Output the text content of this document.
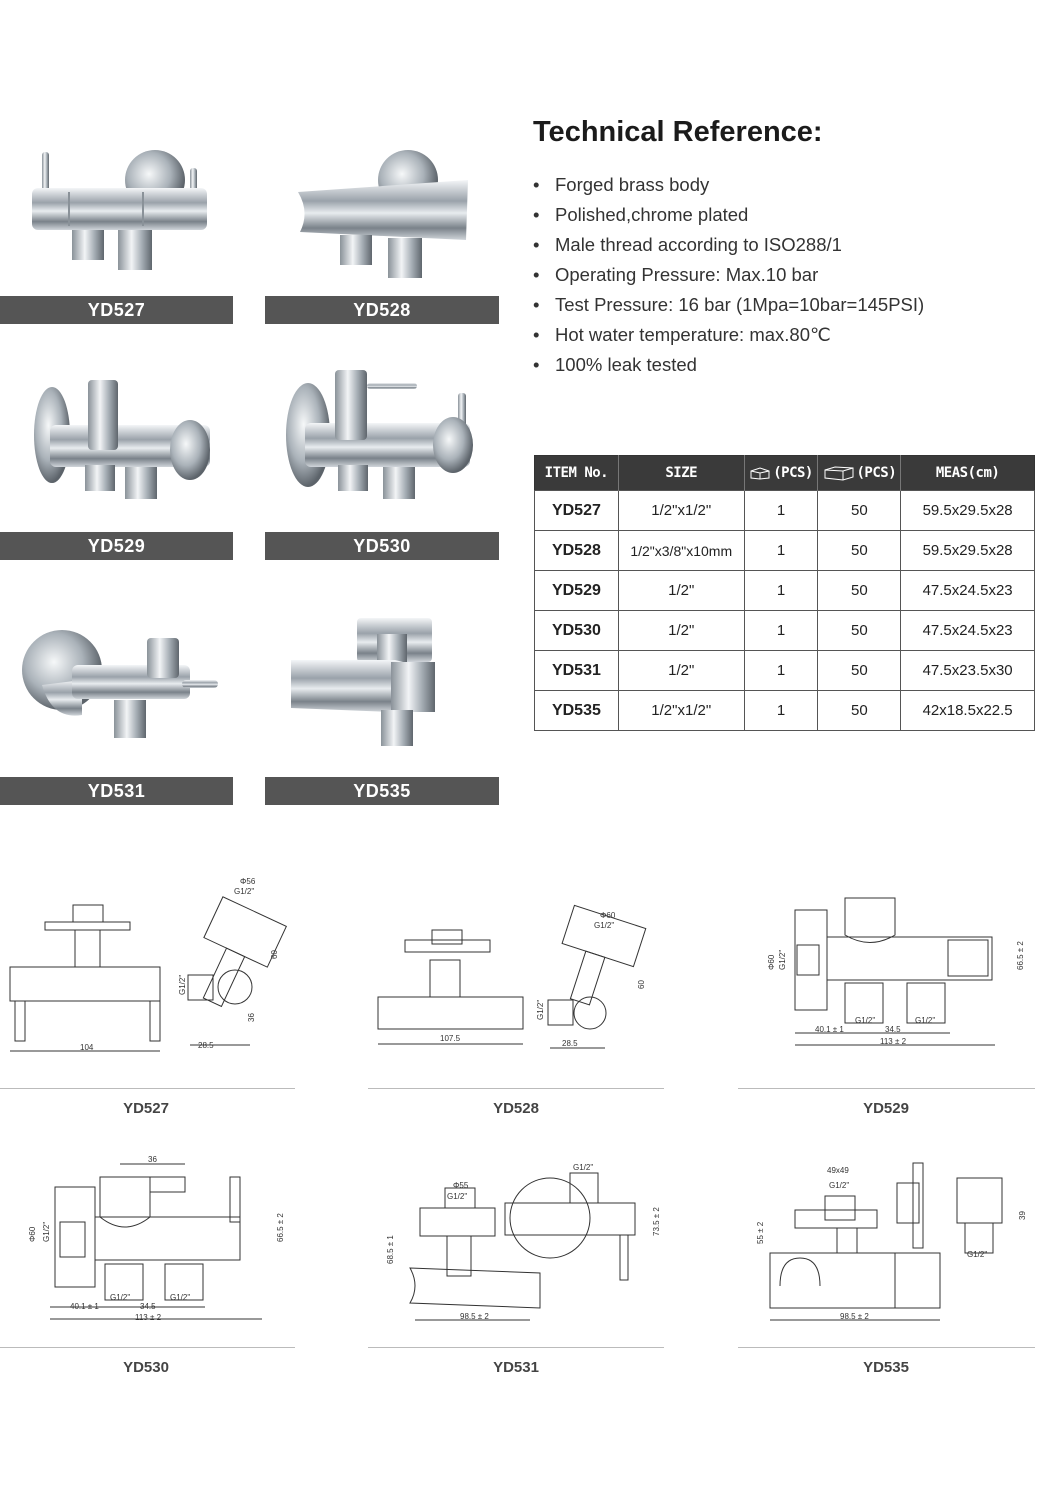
YD527	YD528
YD529	YD530
YD531	YD535
Technical Reference:
• Forged brass body
• Polished,chrome plated
• Male thread according to ISO288/1
• Operating Pressure: Max.10 bar
• Test Pressure: 16 bar (1Mpa=10bar=145PSI)
• Hot water temperature: max.80℃
• 100% leak tested
ITEM No.	SIZE	(PCS)	(PCS)	MEAS(cm)
YD527	1/2"x1/2"	1	50	59.5x29.5x28
YD528	1/2"x3/8"x10mm	1	50	59.5x29.5x28
YD529	1/2"	1	50	47.5x24.5x23
YD530	1/2"	1	50	47.5x24.5x23
YD531	1/2"	1	50	47.5x23.5x30
YD535	1/2"x1/2"	1	50	42x18.5x22.5
104	28.5
Φ56
G1/2"
G1/2"
60
36
YD527
107.5
28.5
Φ60
G1/2"
G1/2"
60
YD528
40.1 ± 1	34.5
113 ± 2
G1/2"	G1/2"
Φ60 G1/2"	66.5 ± 2
YD529
36
40.1 ± 1	34.5
113 ± 2
G1/2"	G1/2"
Φ60 G1/2"	66.5 ± 2
YD530
98.5 ± 2
G1/2"
Φ55
G1/2"
68.5 ± 1
73.5 ± 2
YD531
98.5 ± 2
49x49
G1/2"
G1/2"
55 ± 2
39
YD535
